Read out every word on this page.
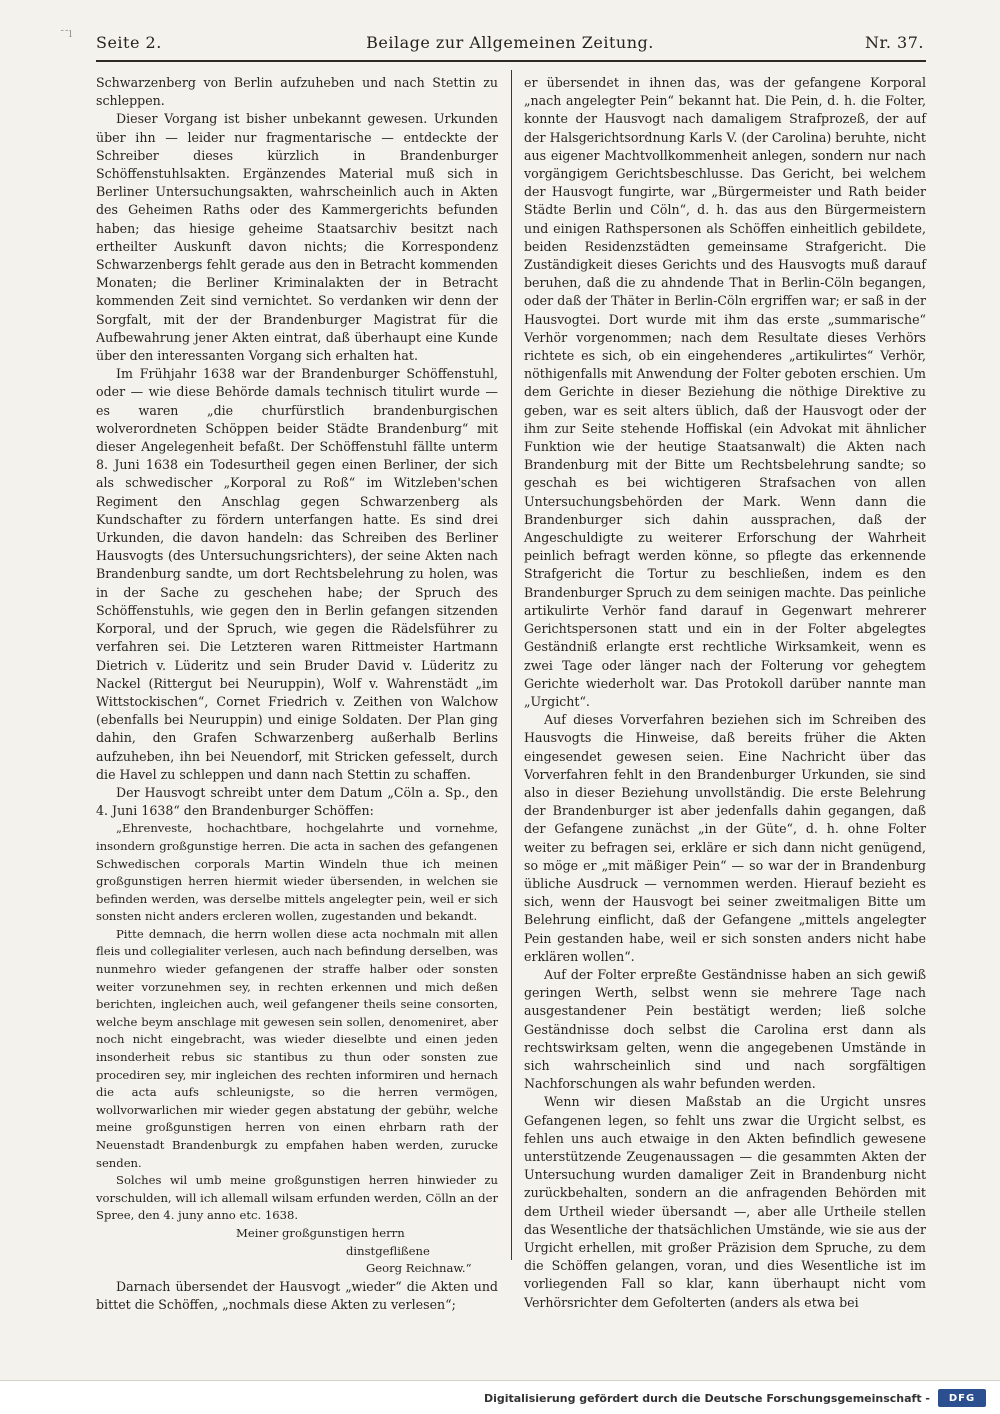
¯¯ⅼ Seite 2.	Beilage zur Allgemeinen Zeitung.	Nr. 37.

Schwarzenberg von Berlin aufzuheben und nach Stettin zu schleppen.

Dieser Vorgang ist bisher unbekannt gewesen. Urkunden über ihn — leider nur fragmentarische — entdeckte der Schreiber dieses kürzlich in Brandenburger Schöffenstuhlsakten. Ergänzendes Material muß sich in Berliner Untersuchungsakten, wahrscheinlich auch in Akten des Geheimen Raths oder des Kammergerichts befunden haben; das hiesige geheime Staatsarchiv besitzt nach ertheilter Auskunft davon nichts; die Korrespondenz Schwarzenbergs fehlt gerade aus den in Betracht kommenden Monaten; die Berliner Kriminalakten der in Betracht kommenden Zeit sind vernichtet. So verdanken wir denn der Sorgfalt, mit der der Brandenburger Magistrat für die Aufbewahrung jener Akten eintrat, daß überhaupt eine Kunde über den interessanten Vorgang sich erhalten hat.

Im Frühjahr 1638 war der Brandenburger Schöffenstuhl, oder — wie diese Behörde damals technisch titulirt wurde — es waren „die churfürstlich brandenburgischen wolverordneten Schöppen beider Städte Brandenburg“ mit dieser Angelegenheit befaßt. Der Schöffenstuhl fällte unterm 8. Juni 1638 ein Todesurtheil gegen einen Berliner, der sich als schwedischer „Korporal zu Roß“ im Witzleben'schen Regiment den Anschlag gegen Schwarzenberg als Kundschafter zu fördern unterfangen hatte. Es sind drei Urkunden, die davon handeln: das Schreiben des Berliner Hausvogts (des Untersuchungsrichters), der seine Akten nach Brandenburg sandte, um dort Rechtsbelehrung zu holen, was in der Sache zu geschehen habe; der Spruch des Schöffenstuhls, wie gegen den in Berlin gefangen sitzenden Korporal, und der Spruch, wie gegen die Rädelsführer zu verfahren sei. Die Letzteren waren Rittmeister Hartmann Dietrich v. Lüderitz und sein Bruder David v. Lüderitz zu Nackel (Rittergut bei Neuruppin), Wolf v. Wahrenstädt „im Wittstockischen“, Cornet Friedrich v. Zeithen von Walchow (ebenfalls bei Neuruppin) und einige Soldaten. Der Plan ging dahin, den Grafen Schwarzenberg außerhalb Berlins aufzuheben, ihn bei Neuendorf, mit Stricken gefesselt, durch die Havel zu schleppen und dann nach Stettin zu schaffen.

Der Hausvogt schreibt unter dem Datum „Cöln a. Sp., den 4. Juni 1638“ den Brandenburger Schöffen:

„Ehrenveste, hochachtbare, hochgelahrte und vornehme, insondern großgunstige herren. Die acta in sachen des gefangenen Schwedischen corporals Martin Windeln thue ich meinen großgunstigen herren hiermit wieder übersenden, in welchen sie befinden werden, was derselbe mittels angelegter pein, weil er sich sonsten nicht anders ercleren wollen, zugestanden und bekandt.

Pitte demnach, die herrn wollen diese acta nochmaln mit allen fleis und collegialiter verlesen, auch nach befindung derselben, was nunmehro wieder gefangenen der straffe halber oder sonsten weiter vorzunehmen sey, in rechten erkennen und mich deßen berichten, ingleichen auch, weil gefangener theils seine consorten, welche beym anschlage mit gewesen sein sollen, denomeniret, aber noch nicht eingebracht, was wieder dieselbte und einen jeden insonderheit rebus sic stantibus zu thun oder sonsten zue procediren sey, mir ingleichen des rechten informiren und hernach die acta aufs schleunigste, so die herren vermögen, wollvorwarlichen mir wieder gegen abstatung der gebühr, welche meine großgunstigen herren von einen ehrbarn rath der Neuenstadt Brandenburgk zu empfahen haben werden, zurucke senden.

Solches wil umb meine großgunstigen herren hinwieder zu vorschulden, will ich allemall wilsam erfunden werden, Cölln an der Spree, den 4. juny anno etc. 1638.

Meiner großgunstigen herrn

dinstgeflißene

Georg Reichnaw.“

Darnach übersendet der Hausvogt „wieder“ die Akten und bittet die Schöffen, „nochmals diese Akten zu verlesen“;

er übersendet in ihnen das, was der gefangene Korporal „nach angelegter Pein“ bekannt hat. Die Pein, d. h. die Folter, konnte der Hausvogt nach damaligem Strafprozeß, der auf der Halsgerichtsordnung Karls V. (der Carolina) beruhte, nicht aus eigener Machtvollkommenheit anlegen, sondern nur nach vorgängigem Gerichtsbeschlusse. Das Gericht, bei welchem der Hausvogt fungirte, war „Bürgermeister und Rath beider Städte Berlin und Cöln“, d. h. das aus den Bürgermeistern und einigen Rathspersonen als Schöffen einheitlich gebildete, beiden Residenzstädten gemeinsame Strafgericht. Die Zuständigkeit dieses Gerichts und des Hausvogts muß darauf beruhen, daß die zu ahndende That in Berlin-Cöln begangen, oder daß der Thäter in Berlin-Cöln ergriffen war; er saß in der Hausvogtei. Dort wurde mit ihm das erste „summarische“ Verhör vorgenommen; nach dem Resultate dieses Verhörs richtete es sich, ob ein eingehenderes „artikulirtes“ Verhör, nöthigenfalls mit Anwendung der Folter geboten erschien. Um dem Gerichte in dieser Beziehung die nöthige Direktive zu geben, war es seit alters üblich, daß der Hausvogt oder der ihm zur Seite stehende Hoffiskal (ein Advokat mit ähnlicher Funktion wie der heutige Staatsanwalt) die Akten nach Brandenburg mit der Bitte um Rechtsbelehrung sandte; so geschah es bei wichtigeren Strafsachen von allen Untersuchungsbehörden der Mark. Wenn dann die Brandenburger sich dahin aussprachen, daß der Angeschuldigte zu weiterer Erforschung der Wahrheit peinlich befragt werden könne, so pflegte das erkennende Strafgericht die Tortur zu beschließen, indem es den Brandenburger Spruch zu dem seinigen machte. Das peinliche artikulirte Verhör fand darauf in Gegenwart mehrerer Gerichtspersonen statt und ein in der Folter abgelegtes Geständniß erlangte erst rechtliche Wirksamkeit, wenn es zwei Tage oder länger nach der Folterung vor gehegtem Gerichte wiederholt war. Das Protokoll darüber nannte man „Urgicht“.

Auf dieses Vorverfahren beziehen sich im Schreiben des Hausvogts die Hinweise, daß bereits früher die Akten eingesendet gewesen seien. Eine Nachricht über das Vorverfahren fehlt in den Brandenburger Urkunden, sie sind also in dieser Beziehung unvollständig. Die erste Belehrung der Brandenburger ist aber jedenfalls dahin gegangen, daß der Gefangene zunächst „in der Güte“, d. h. ohne Folter weiter zu befragen sei, erkläre er sich dann nicht genügend, so möge er „mit mäßiger Pein“ — so war der in Brandenburg übliche Ausdruck — vernommen werden. Hierauf bezieht es sich, wenn der Hausvogt bei seiner zweitmaligen Bitte um Belehrung einflicht, daß der Gefangene „mittels angelegter Pein gestanden habe, weil er sich sonsten anders nicht habe erklären wollen“.

Auf der Folter erpreßte Geständnisse haben an sich gewiß geringen Werth, selbst wenn sie mehrere Tage nach ausgestandener Pein bestätigt werden; ließ solche Geständnisse doch selbst die Carolina erst dann als rechtswirksam gelten, wenn die angegebenen Umstände in sich wahrscheinlich sind und nach sorgfältigen Nachforschungen als wahr befunden werden.

Wenn wir diesen Maßstab an die Urgicht unsres Gefangenen legen, so fehlt uns zwar die Urgicht selbst, es fehlen uns auch etwaige in den Akten befindlich gewesene unterstützende Zeugenaussagen — die gesammten Akten der Untersuchung wurden damaliger Zeit in Brandenburg nicht zurückbehalten, sondern an die anfragenden Behörden mit dem Urtheil wieder übersandt —, aber alle Urtheile stellen das Wesentliche der thatsächlichen Umstände, wie sie aus der Urgicht erhellen, mit großer Präzision dem Spruche, zu dem die Schöffen gelangen, voran, und dies Wesentliche ist im vorliegenden Fall so klar, kann überhaupt nicht vom Verhörsrichter dem Gefolterten (anders als etwa bei

Digitalisierung gefördert durch die Deutsche Forschungsgemeinschaft -	DFG
